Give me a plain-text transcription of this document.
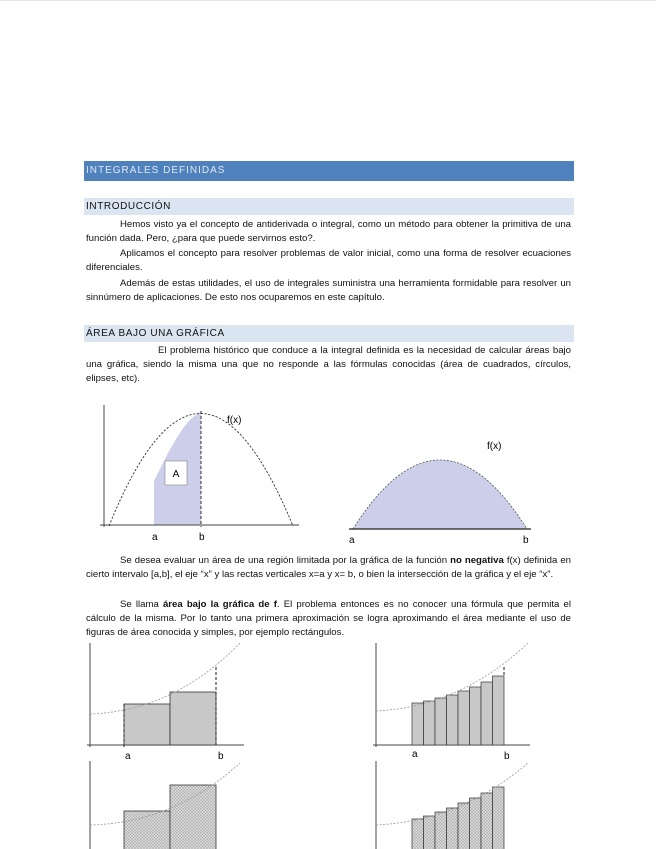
INTEGRALES DEFINIDAS
INTRODUCCIÓN

Hemos visto ya el concepto de antiderivada o integral, como un método para obtener la primitiva de una función dada. Pero, ¿para que puede servirnos esto?.

Aplicamos el concepto para resolver problemas de valor inicial, como una forma de resolver ecuaciones diferenciales.

Además de estas utilidades, el uso de integrales suministra una herramienta formidable para resolver un sinnúmero de aplicaciones. De esto nos ocuparemos en este capítulo.

ÁREA BAJO UNA GRÁFICA

El problema histórico que conduce a la integral definida es la necesidad de calcular áreas bajo una gráfica, siendo la misma una que no responde a las fórmulas conocidas (área de cuadrados, círculos, elipses, etc).

A
f(x)
a	b
f(x)
a	b

Se desea evaluar un área de una región limitada por la gráfica de la función no negativa f(x) definida en cierto intervalo [a,b], el eje “x” y las rectas verticales x=a y x= b, o bien la intersección de la gráfica y el eje “x”.

Se llama área bajo la gráfica de f. El problema entonces es no conocer una fórmula que permita el cálculo de la misma. Por lo tanto una primera aproximación se logra aproximando el área mediante el uso de figuras de área conocida y simples, por ejemplo rectángulos.

a	b	a	b
